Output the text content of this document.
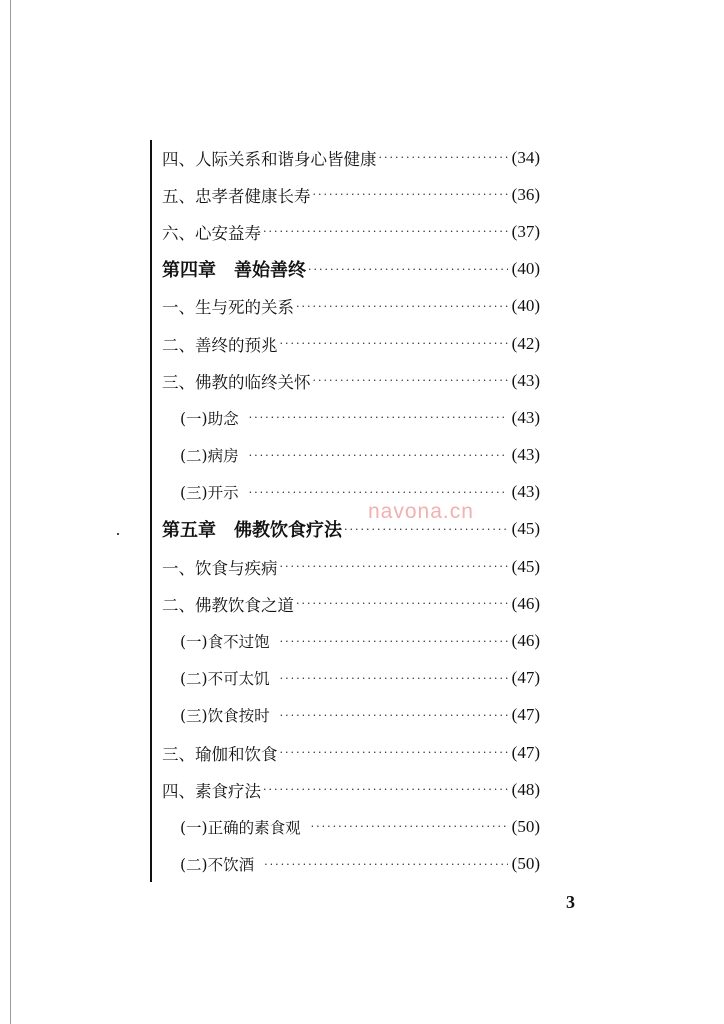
四、人际关系和谐身心皆健康 ·····	(34)
五、忠孝者健康长寿 ·····	(36)
六、心安益寿 ·····	(37)
第四章　善始善终 ·····	(40)
一、生与死的关系 ·····	(40)
二、善终的预兆 ·····	(42)
三、佛教的临终关怀 ·····	(43)
(一)助念 ·····	(43)
(二)病房 ·····	(43)
(三)开示 ·····	(43)
第五章　佛教饮食疗法 ·····	(45)
一、饮食与疾病 ·····	(45)
二、佛教饮食之道 ·····	(46)
(一)食不过饱 ·····	(46)
(二)不可太饥 ·····	(47)
(三)饮食按时 ·····	(47)
三、瑜伽和饮食 ·····	(47)
四、素食疗法 ·····	(48)
(一)正确的素食观 ·····	(50)
(二)不饮酒 ·····	(50)
navona.cn
3
